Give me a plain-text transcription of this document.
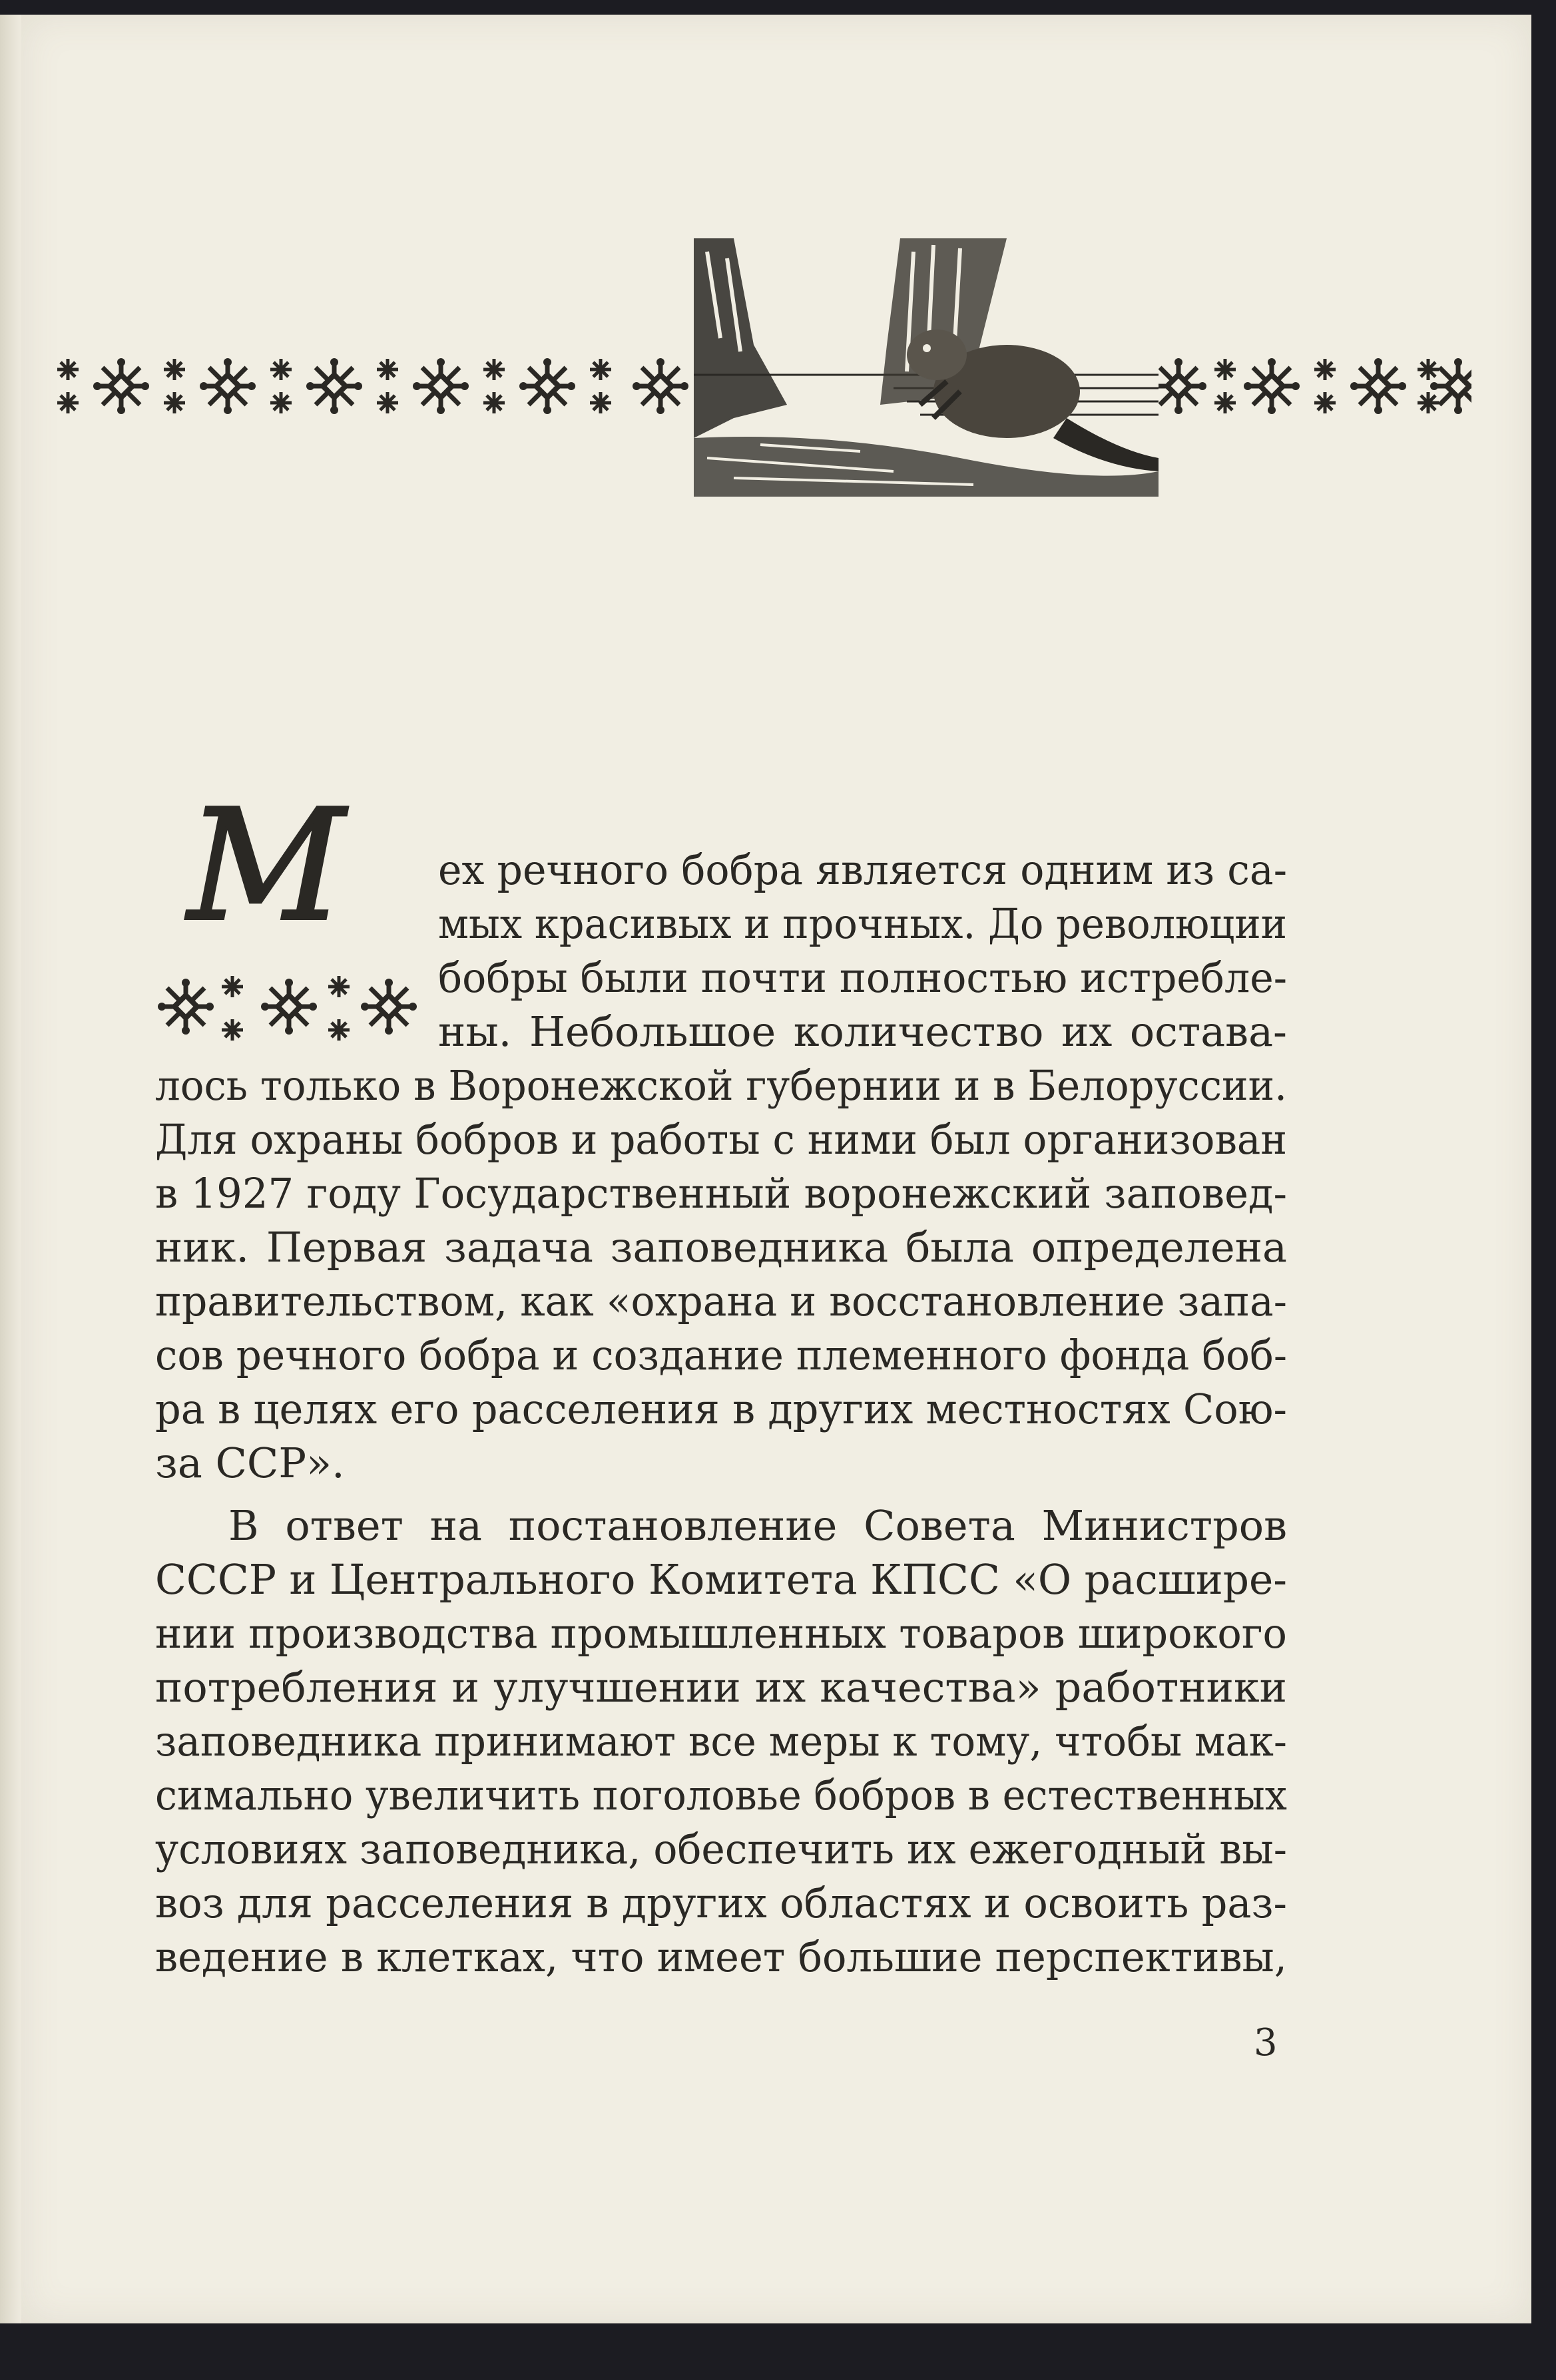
М ех речного бобра является одним из са-
мых красивых и прочных. До революции
бобры были почти полностью истребле-
ны. Небольшое количество их остава-
лось только в Воронежской губернии и в Белоруссии.
Для охраны бобров и работы с ними был организован
в 1927 году Государственный воронежский заповед-
ник. Первая задача заповедника была определена
правительством, как «охрана и восстановление запа-
сов речного бобра и создание племенного фонда боб-
ра в целях его расселения в других местностях Сою-
за ССР».
В ответ на постановление Совета Министров
СССР и Центрального Комитета КПСС «О расшире-
нии производства промышленных товаров широкого
потребления и улучшении их качества» работники
заповедника принимают все меры к тому, чтобы мак-
симально увеличить поголовье бобров в естественных
условиях заповедника, обеспечить их ежегодный вы-
воз для расселения в других областях и освоить раз-
ведение в клетках, что имеет большие перспективы,
3
